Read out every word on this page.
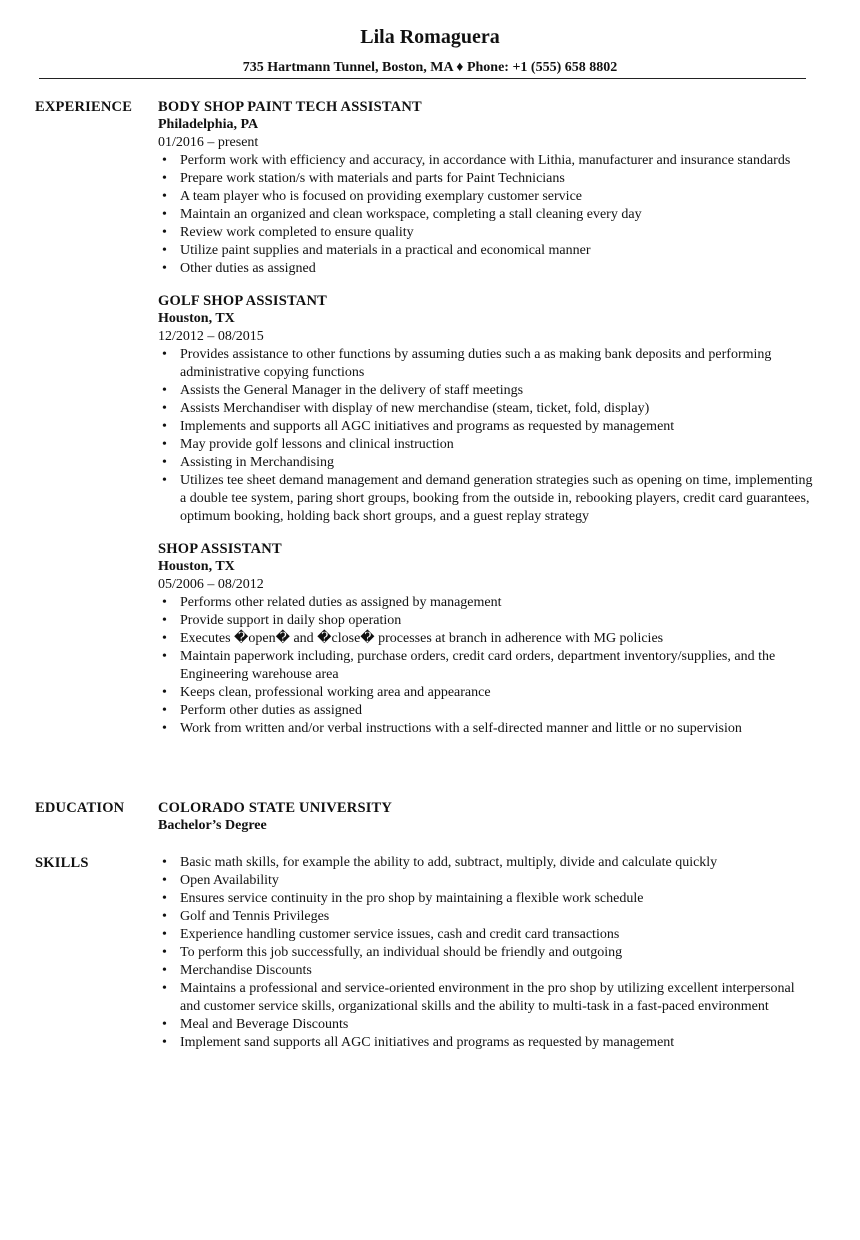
Lila Romaguera
735 Hartmann Tunnel, Boston, MA ♦ Phone: +1 (555) 658 8802
EXPERIENCE BODY SHOP PAINT TECH ASSISTANT
Philadelphia, PA
01/2016 – present
• Perform work with efficiency and accuracy, in accordance with Lithia, manufacturer and insurance standards
• Prepare work station/s with materials and parts for Paint Technicians
• A team player who is focused on providing exemplary customer service
• Maintain an organized and clean workspace, completing a stall cleaning every day
• Review work completed to ensure quality
• Utilize paint supplies and materials in a practical and economical manner
• Other duties as assigned
GOLF SHOP ASSISTANT
Houston, TX
12/2012 – 08/2015
• Provides assistance to other functions by assuming duties such a as making bank deposits and performing administrative copying functions
• Assists the General Manager in the delivery of staff meetings
• Assists Merchandiser with display of new merchandise (steam, ticket, fold, display)
• Implements and supports all AGC initiatives and programs as requested by management
• May provide golf lessons and clinical instruction
• Assisting in Merchandising
• Utilizes tee sheet demand management and demand generation strategies such as opening on time, implementing a double tee system, paring short groups, booking from the outside in, rebooking players, credit card guarantees, optimum booking, holding back short groups, and a guest replay strategy
SHOP ASSISTANT
Houston, TX
05/2006 – 08/2012
• Performs other related duties as assigned by management
• Provide support in daily shop operation
• Executes �open� and �close� processes at branch in adherence with MG policies
• Maintain paperwork including, purchase orders, credit card orders, department inventory/supplies, and the Engineering warehouse area
• Keeps clean, professional working area and appearance
• Perform other duties as assigned
• Work from written and/or verbal instructions with a self-directed manner and little or no supervision
EDUCATION COLORADO STATE UNIVERSITY
Bachelor’s Degree
SKILLS
•	Basic math skills, for example the ability to add, subtract, multiply, divide and calculate quickly
• Open Availability
• Ensures service continuity in the pro shop by maintaining a flexible work schedule
• Golf and Tennis Privileges
• Experience handling customer service issues, cash and credit card transactions
• To perform this job successfully, an individual should be friendly and outgoing
• Merchandise Discounts
• Maintains a professional and service-oriented environment in the pro shop by utilizing excellent interpersonal and customer service skills, organizational skills and the ability to multi-task in a fast-paced environment
• Meal and Beverage Discounts
• Implement sand supports all AGC initiatives and programs as requested by management
